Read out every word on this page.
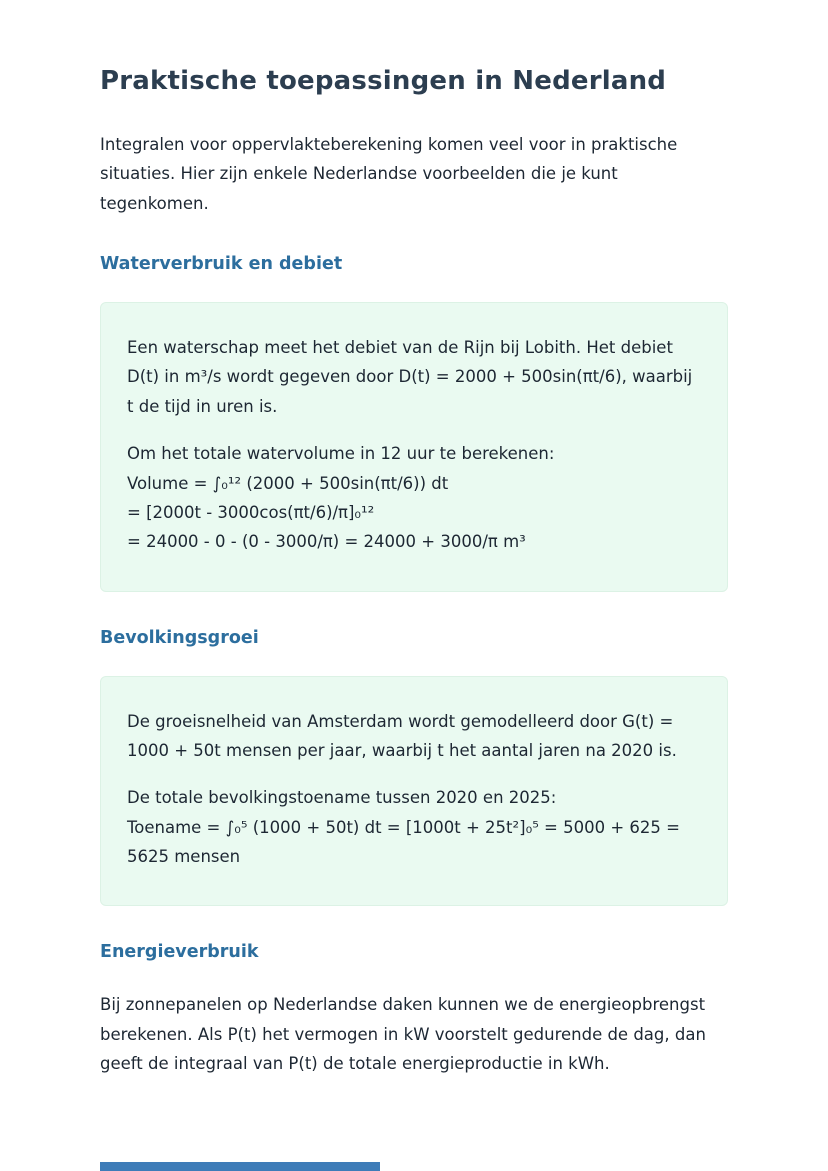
Praktische toepassingen in Nederland

Integralen voor oppervlakteberekening komen veel voor in praktische situaties. Hier zijn enkele Nederlandse voorbeelden die je kunt tegenkomen.

Waterverbruik en debiet

Een waterschap meet het debiet van de Rijn bij Lobith. Het debiet D(t) in m³/s wordt gegeven door D(t) = 2000 + 500sin(πt/6), waarbij t de tijd in uren is.

Om het totale watervolume in 12 uur te berekenen:
Volume = ∫₀¹² (2000 + 500sin(πt/6)) dt
= [2000t - 3000cos(πt/6)/π]₀¹²
= 24000 - 0 - (0 - 3000/π) = 24000 + 3000/π m³
Bevolkingsgroei

De groeisnelheid van Amsterdam wordt gemodelleerd door G(t) = 1000 + 50t mensen per jaar, waarbij t het aantal jaren na 2020 is.

De totale bevolkingstoename tussen 2020 en 2025:
Toename = ∫₀⁵ (1000 + 50t) dt = [1000t + 25t²]₀⁵ = 5000 + 625 = 5625 mensen
Energieverbruik

Bij zonnepanelen op Nederlandse daken kunnen we de energieopbrengst berekenen. Als P(t) het vermogen in kW voorstelt gedurende de dag, dan geeft de integraal van P(t) de totale energieproductie in kWh.
